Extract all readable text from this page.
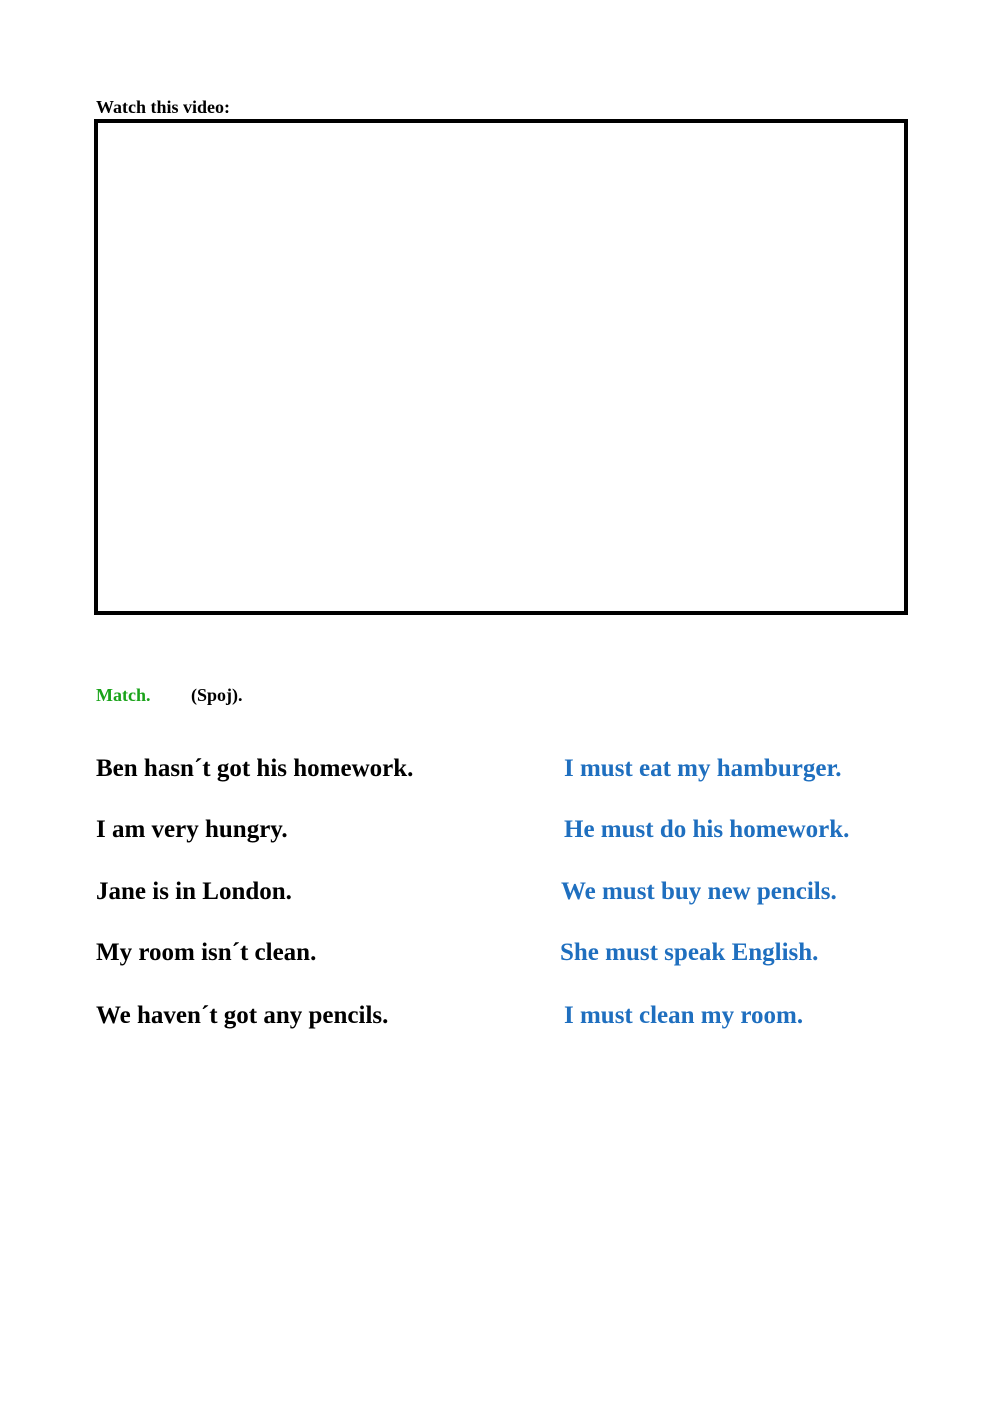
Watch this video:
Match. (Spoj).
Ben hasn´t got his homework.
I am very hungry.
Jane is in London.
My room isn´t clean.
We haven´t got any pencils.
I must eat my hamburger.
He must do his homework.
We must buy new pencils.
She must speak English.
I must clean my room.
